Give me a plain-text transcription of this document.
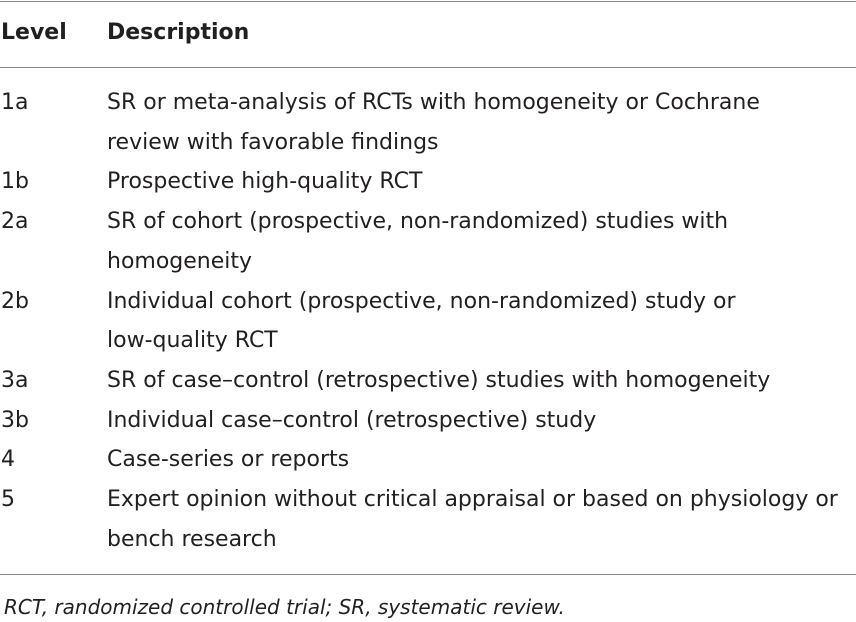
Level Description
1a	SR or meta-analysis of RCTs with homogeneity or Cochrane
review with favorable findings
1b	Prospective high-quality RCT
2a	SR of cohort (prospective, non-randomized) studies with
homogeneity
2b	Individual cohort (prospective, non-randomized) study or
low-quality RCT
3a	SR of case–control (retrospective) studies with homogeneity
3b	Individual case–control (retrospective) study
4	Case-series or reports
5	Expert opinion without critical appraisal or based on physiology or
bench research
RCT, randomized controlled trial; SR, systematic review.
